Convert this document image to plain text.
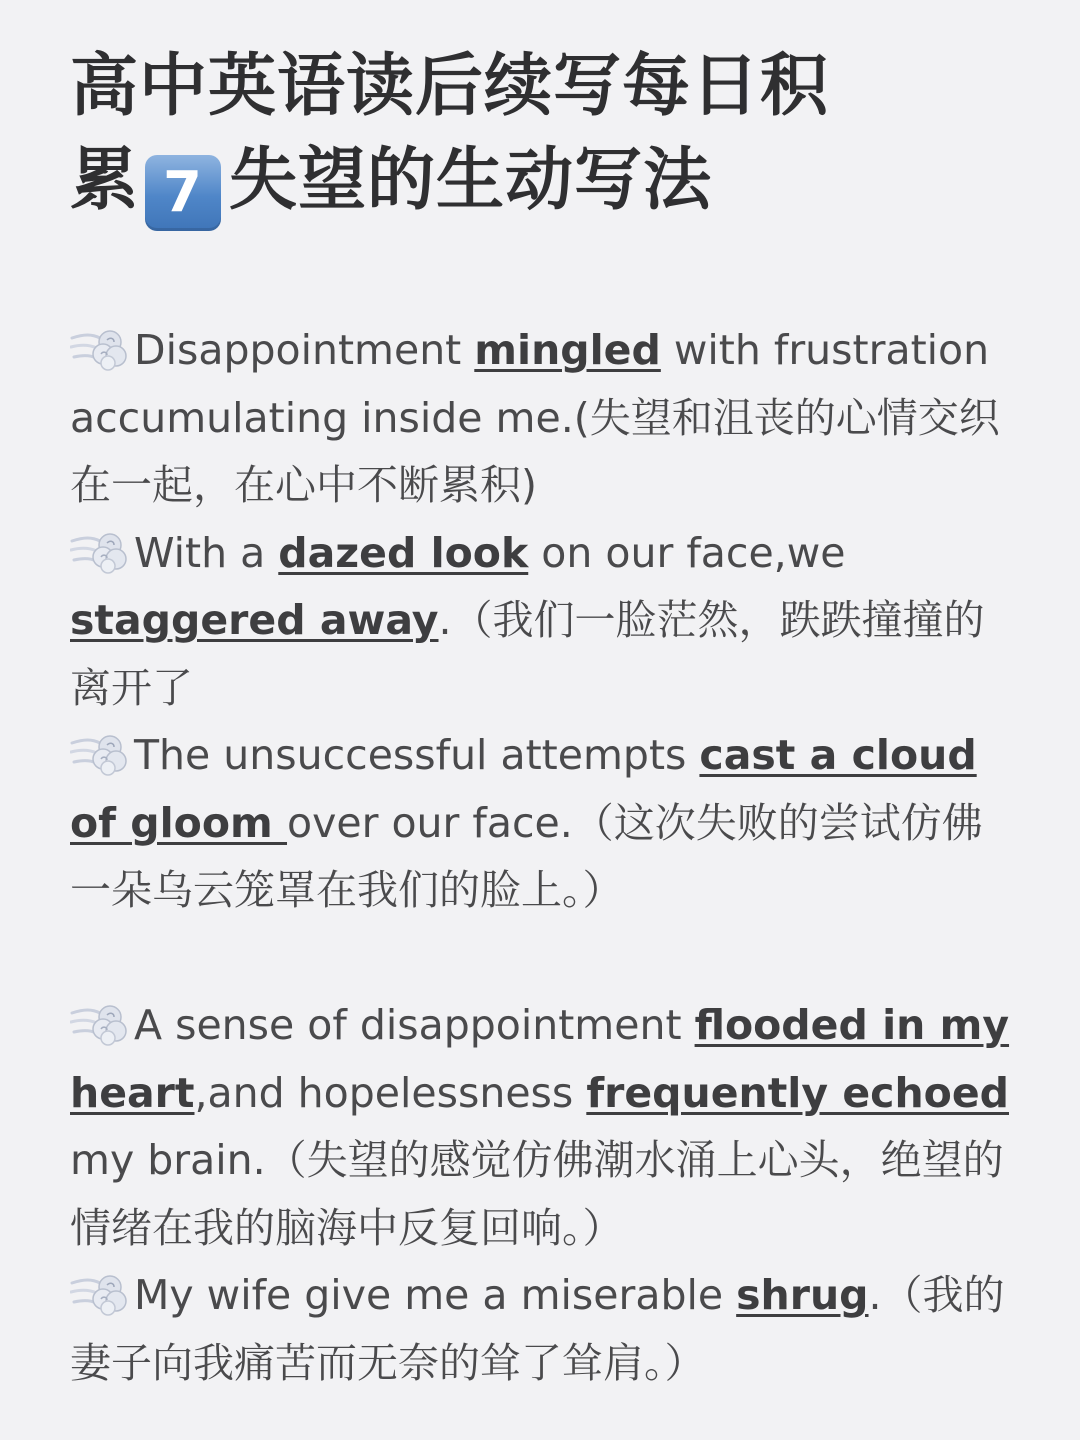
高中英语读后续写每日积
累 7 失望的生动写法

Disappointment mingled with frustration accumulating inside me.(失望和沮丧的心情交织在一起，在心中不断累积)

With a dazed look on our face,we staggered away.（我们一脸茫然，跌跌撞撞的离开了

The unsuccessful attempts cast a cloud of gloom over our face.（这次失败的尝试仿佛一朵乌云笼罩在我们的脸上。）

A sense of disappointment flooded in my heart,and hopelessness frequently echoed my brain.（失望的感觉仿佛潮水涌上心头，绝望的情绪在我的脑海中反复回响。）

My wife give me a miserable shrug.（我的妻子向我痛苦而无奈的耸了耸肩。）
